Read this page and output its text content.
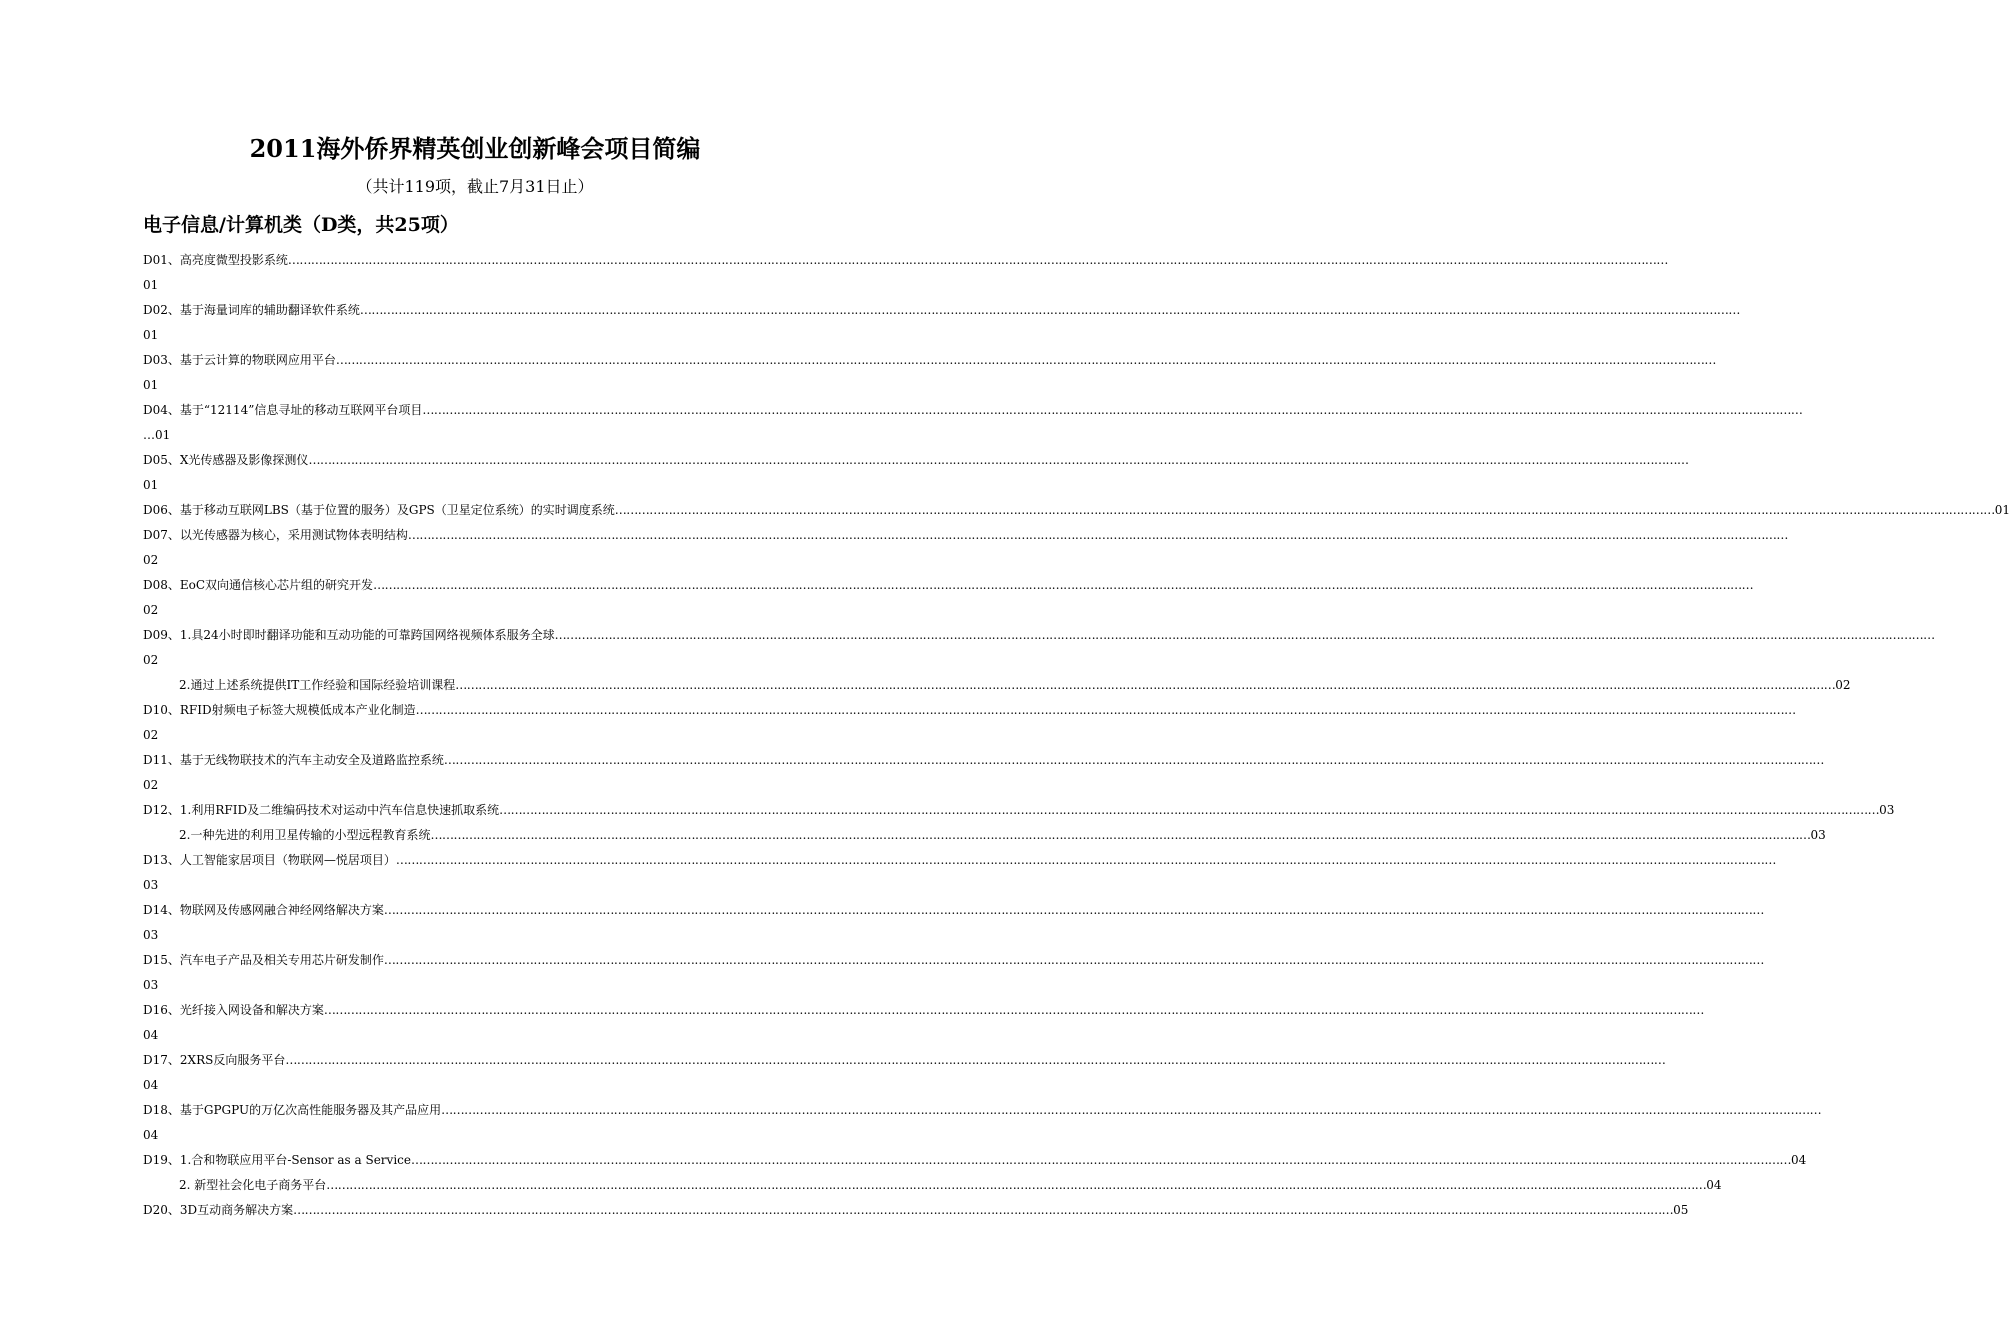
2011海外侨界精英创业创新峰会项目简编
（共计119项，截止7月31日止）
电子信息/计算机类（D类，共25项）
D01、高亮度微型投影系统 ………………………………………………………………………………………………………………………………………………………………………………………………………………………………………………………………………………………………………………………………
01
D02、基于海量词库的辅助翻译软件系统 ………………………………………………………………………………………………………………………………………………………………………………………………………………………………………………………………………………………………………………………………
01
D03、基于云计算的物联网应用平台 ………………………………………………………………………………………………………………………………………………………………………………………………………………………………………………………………………………………………………………………………
01
D04、基于“12114”信息寻址的移动互联网平台项目 ………………………………………………………………………………………………………………………………………………………………………………………………………………………………………………………………………………………………………………………………
…01
D05、X光传感器及影像探测仪 ………………………………………………………………………………………………………………………………………………………………………………………………………………………………………………………………………………………………………………………………
01
D06、基于移动互联网LBS（基于位置的服务）及GPS（卫星定位系统）的实时调度系统 ……………………………………………………………………………………………………………………………………………………………………………………………………………………………………………………………………………………………………………………………… 01
D07、以光传感器为核心，采用测试物体表明结构 ………………………………………………………………………………………………………………………………………………………………………………………………………………………………………………………………………………………………………………………………
02
D08、EoC双向通信核心芯片组的研究开发 ………………………………………………………………………………………………………………………………………………………………………………………………………………………………………………………………………………………………………………………………
02
D09、1.具24小时即时翻译功能和互动功能的可靠跨国网络视频体系服务全球 ………………………………………………………………………………………………………………………………………………………………………………………………………………………………………………………………………………………………………………………………
02
2.通过上述系统提供IT工作经验和国际经验培训课程 ……………………………………………………………………………………………………………………………………………………………………………………………………………………………………………………………………………………………………………………………… 02
D10、RFID射频电子标签大规模低成本产业化制造 ………………………………………………………………………………………………………………………………………………………………………………………………………………………………………………………………………………………………………………………………
02
D11、基于无线物联技术的汽车主动安全及道路监控系统 ………………………………………………………………………………………………………………………………………………………………………………………………………………………………………………………………………………………………………………………………
02
D12、1.利用RFID及二维编码技术对运动中汽车信息快速抓取系统 ……………………………………………………………………………………………………………………………………………………………………………………………………………………………………………………………………………………………………………………………… 03
2.一种先进的利用卫星传输的小型远程教育系统 ……………………………………………………………………………………………………………………………………………………………………………………………………………………………………………………………………………………………………………………………… 03
D13、人工智能家居项目（物联网—悦居项目） ………………………………………………………………………………………………………………………………………………………………………………………………………………………………………………………………………………………………………………………………
03
D14、物联网及传感网融合神经网络解决方案 ………………………………………………………………………………………………………………………………………………………………………………………………………………………………………………………………………………………………………………………………
03
D15、汽车电子产品及相关专用芯片研发制作 ………………………………………………………………………………………………………………………………………………………………………………………………………………………………………………………………………………………………………………………………
03
D16、光纤接入网设备和解决方案 ………………………………………………………………………………………………………………………………………………………………………………………………………………………………………………………………………………………………………………………………
04
D17、2XRS反向服务平台 ………………………………………………………………………………………………………………………………………………………………………………………………………………………………………………………………………………………………………………………………
04
D18、基于GPGPU的万亿次高性能服务器及其产品应用 ………………………………………………………………………………………………………………………………………………………………………………………………………………………………………………………………………………………………………………………………
04
D19、1.合和物联应用平台-Sensor as a Service ……………………………………………………………………………………………………………………………………………………………………………………………………………………………………………………………………………………………………………………………… 04
2. 新型社会化电子商务平台 ……………………………………………………………………………………………………………………………………………………………………………………………………………………………………………………………………………………………………………………………… 04
D20、3D互动商务解决方案 ……………………………………………………………………………………………………………………………………………………………………………………………………………………………………………………………………………………………………………………………… 05
